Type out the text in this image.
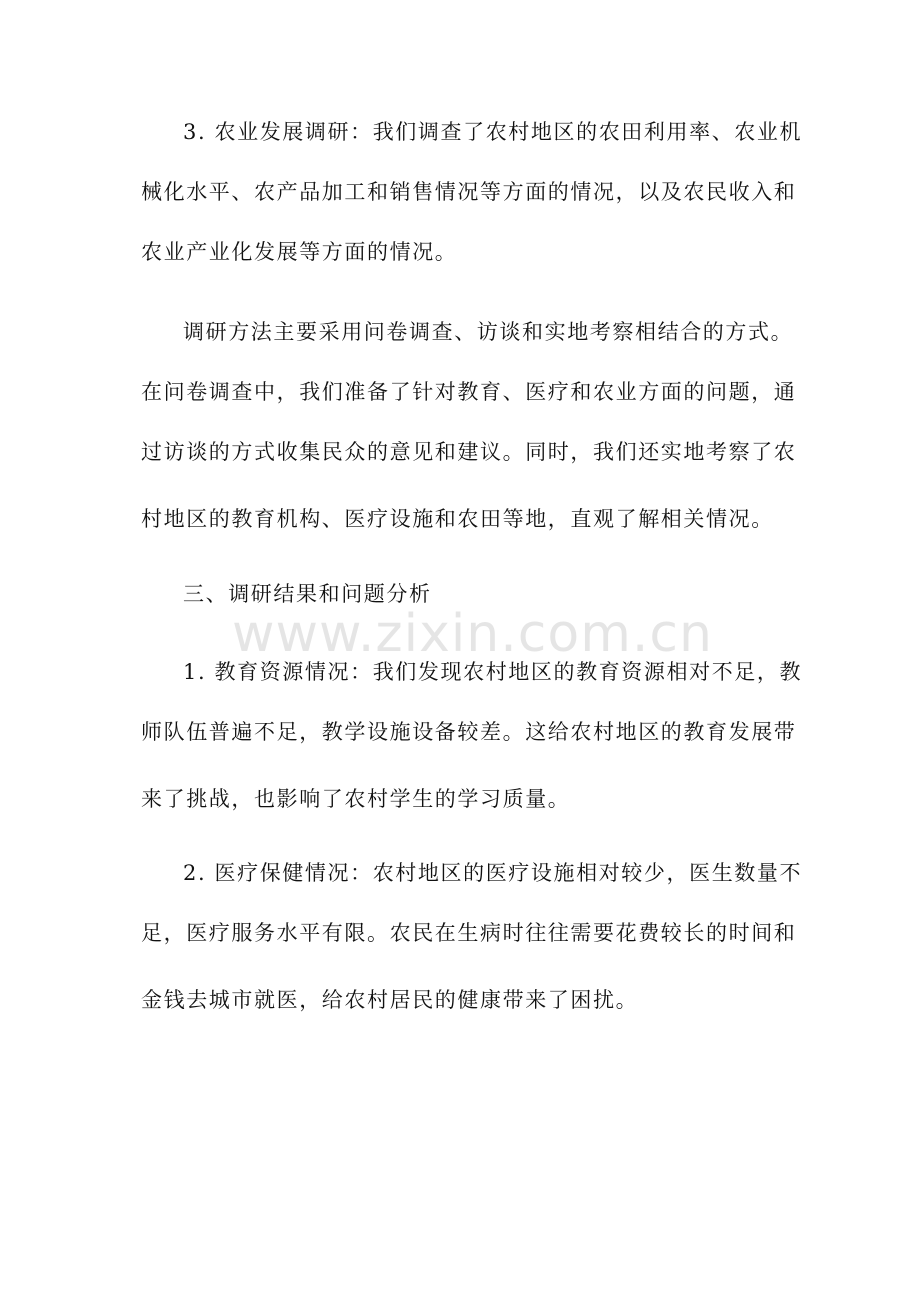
3. 农业发展调研：我们调查了农村地区的农田利用率、农业机
械化水平、农产品加工和销售情况等方面的情况，以及农民收入和
农业产业化发展等方面的情况。
调研方法主要采用问卷调查、访谈和实地考察相结合的方式。
在问卷调查中，我们准备了针对教育、医疗和农业方面的问题，通
过访谈的方式收集民众的意见和建议。同时，我们还实地考察了农
村地区的教育机构、医疗设施和农田等地，直观了解相关情况。
三、调研结果和问题分析
1. 教育资源情况：我们发现农村地区的教育资源相对不足，教
师队伍普遍不足，教学设施设备较差。这给农村地区的教育发展带
来了挑战，也影响了农村学生的学习质量。
2. 医疗保健情况：农村地区的医疗设施相对较少，医生数量不
足，医疗服务水平有限。农民在生病时往往需要花费较长的时间和
金钱去城市就医，给农村居民的健康带来了困扰。
www.zixin.com.cn
